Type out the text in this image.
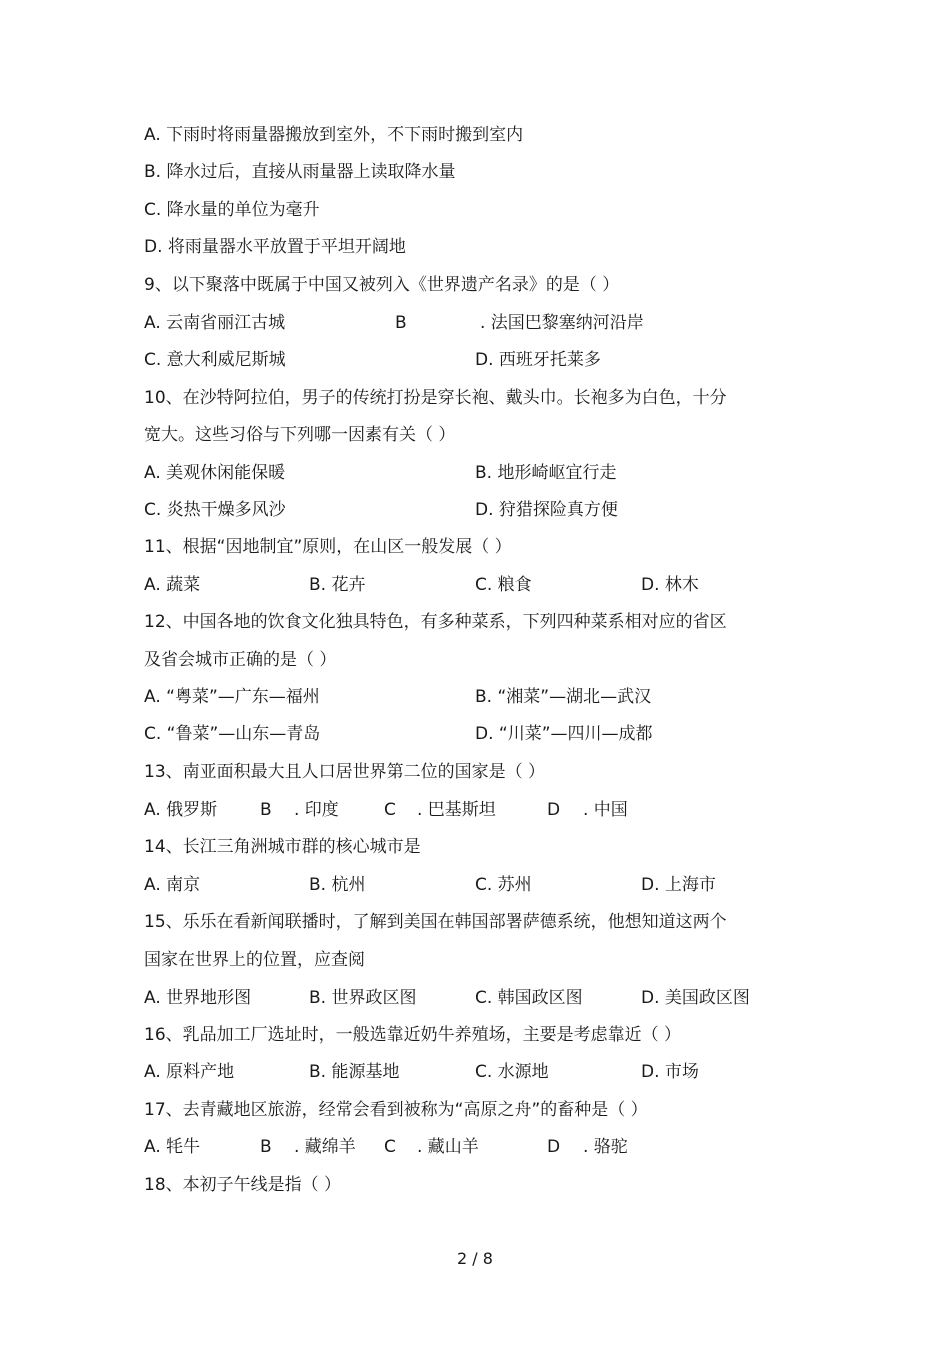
A. 下雨时将雨量器搬放到室外，不下雨时搬到室内
B. 降水过后，直接从雨量器上读取降水量
C. 降水量的单位为毫升
D. 将雨量器水平放置于平坦开阔地
9、以下聚落中既属于中国又被列入《世界遗产名录》的是（ ）
A. 云南省丽江古城	B	. 法国巴黎塞纳河沿岸
C. 意大利威尼斯城	D. 西班牙托莱多
10、在沙特阿拉伯，男子的传统打扮是穿长袍、戴头巾。长袍多为白色，十分
宽大。这些习俗与下列哪一因素有关（ ）
A. 美观休闲能保暖	B. 地形崎岖宜行走
C. 炎热干燥多风沙	D. 狩猎探险真方便
11、根据“因地制宜”原则，在山区一般发展（ ）
A. 蔬菜	B. 花卉	C. 粮食	D. 林木
12、中国各地的饮食文化独具特色，有多种菜系，下列四种菜系相对应的省区
及省会城市正确的是（ ）
A. “粤菜”—广东—福州	B. “湘菜”—湖北—武汉
C. “鲁菜”—山东—青岛	D. “川菜”—四川—成都
13、南亚面积最大且人口居世界第二位的国家是（ ）
A. 俄罗斯	B . 印度	C . 巴基斯坦	D . 中国
14、长江三角洲城市群的核心城市是
A. 南京	B. 杭州	C. 苏州	D. 上海市
15、乐乐在看新闻联播时，了解到美国在韩国部署萨德系统，他想知道这两个
国家在世界上的位置，应查阅
A. 世界地形图	B. 世界政区图	C. 韩国政区图	D. 美国政区图
16、乳品加工厂选址时，一般选靠近奶牛养殖场，主要是考虑靠近（ ）
A. 原料产地	B. 能源基地	C. 水源地	D. 市场
17、去青藏地区旅游，经常会看到被称为“高原之舟”的畜种是（ ）
A. 牦牛	B . 藏绵羊 C . 藏山羊	D . 骆驼
18、本初子午线是指（ ）
2 / 8
